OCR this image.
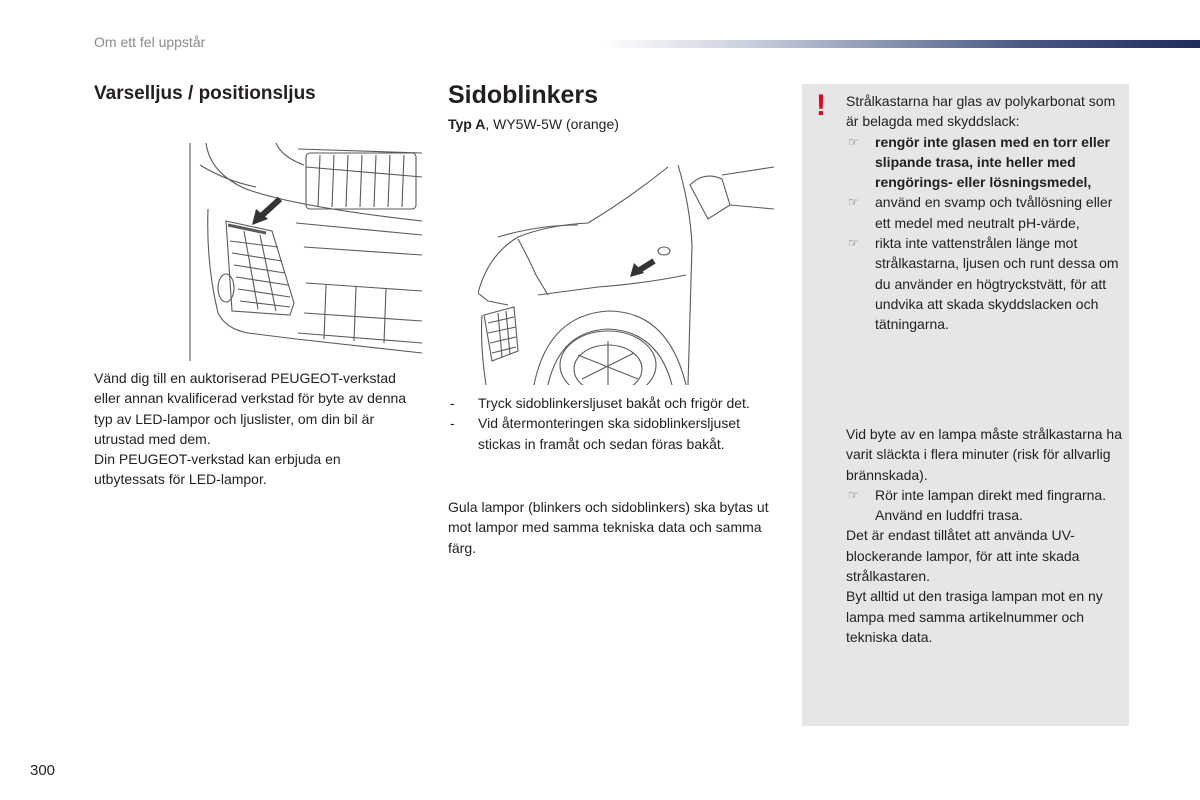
Om ett fel uppstår
Varselljus / positionsljus
Vänd dig till en auktoriserad PEUGEOT-verkstad eller annan kvalificerad verkstad för byte av denna typ av LED-lampor och ljuslister, om din bil är utrustad med dem.
Din PEUGEOT-verkstad kan erbjuda en utbytessats för LED-lampor.
Sidoblinkers
Typ A, WY5W-5W (orange)
- Tryck sidoblinkersljuset bakåt och frigör det.
- Vid återmonteringen ska sidoblinkersljuset stickas in framåt och sedan föras bakåt.
Gula lampor (blinkers och sidoblinkers) ska bytas ut mot lampor med samma tekniska data och samma färg.
! Strålkastarna har glas av polykarbonat som är belagda med skyddslack:
☞ rengör inte glasen med en torr eller slipande trasa, inte heller med rengörings- eller lösningsmedel,
☞ använd en svamp och tvållösning eller ett medel med neutralt pH-värde,
☞ rikta inte vattenstrålen länge mot strålkastarna, ljusen och runt dessa om du använder en högtryckstvätt, för att undvika att skada skyddslacken och tätningarna.
Vid byte av en lampa måste strålkastarna ha varit släckta i flera minuter (risk för allvarlig brännskada).
☞ Rör inte lampan direkt med fingrarna. Använd en luddfri trasa.
Det är endast tillåtet att använda UV-blockerande lampor, för att inte skada strålkastaren.
Byt alltid ut den trasiga lampan mot en ny lampa med samma artikelnummer och tekniska data.
300
